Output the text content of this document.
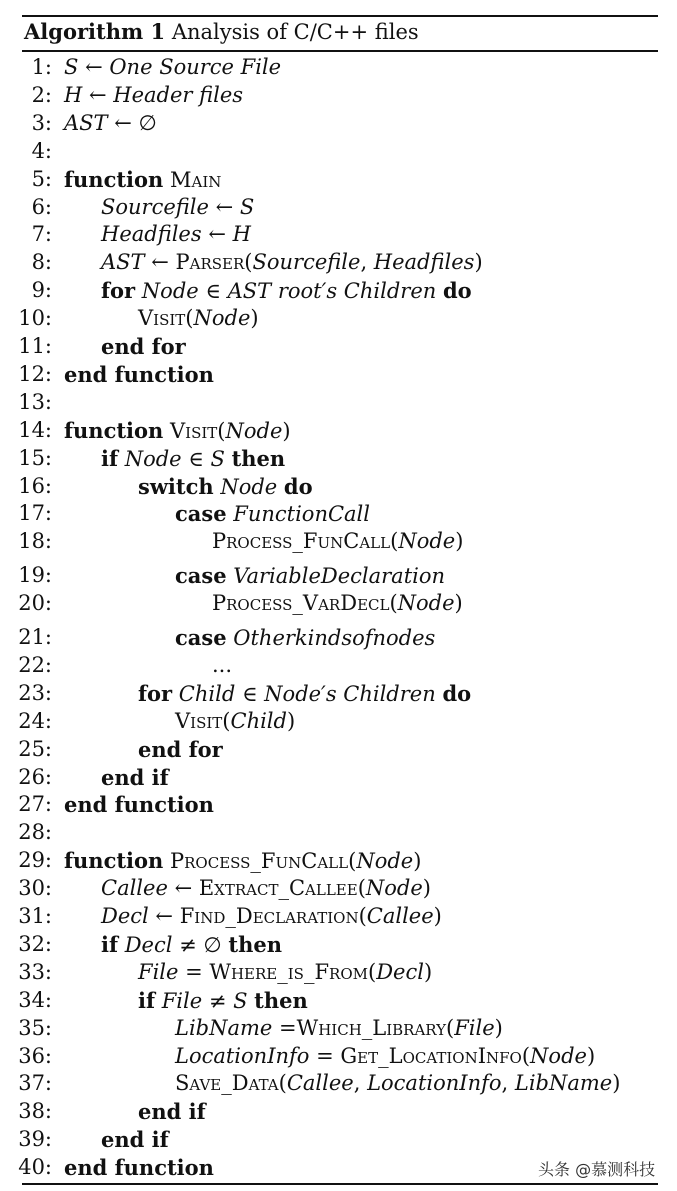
Algorithm 1 Analysis of C/C++ files
1: S ← One Source File
2: H ← Header files
3: AST ← ∅
4:
5: function Main
6: Sourcefile ← S
7: Headfiles ← H
8: AST ← Parser(Sourcefile, Headfiles)
9: for Node ∈ AST root′s Children do
10:	Visit(Node)
11: end for
12: end function
13:
14: function Visit(Node)
15: if Node ∈ S then
16:	switch Node do
17:	case FunctionCall
18:	Process_FunCall(Node)
19:	case VariableDeclaration
20:	Process_VarDecl(Node)
21:	case Otherkindsofnodes
22:	...
23:	for Child ∈ Node′s Children do
24:	Visit(Child)
25:	end for
26: end if
27: end function
28:
29: function Process_FunCall(Node)
30: Callee ← Extract_Callee(Node)
31: Decl ← Find_Declaration(Callee)
32: if Decl ≠ ∅ then
33:	File = Where_is_From(Decl)
34:	if File ≠ S then
35:	LibName =Which_Library(File)
36:	LocationInfo = Get_LocationInfo(Node)
37:	Save_Data(Callee, LocationInfo, LibName)
38:	end if
39: end if
40: end function	头条 @慕测科技
